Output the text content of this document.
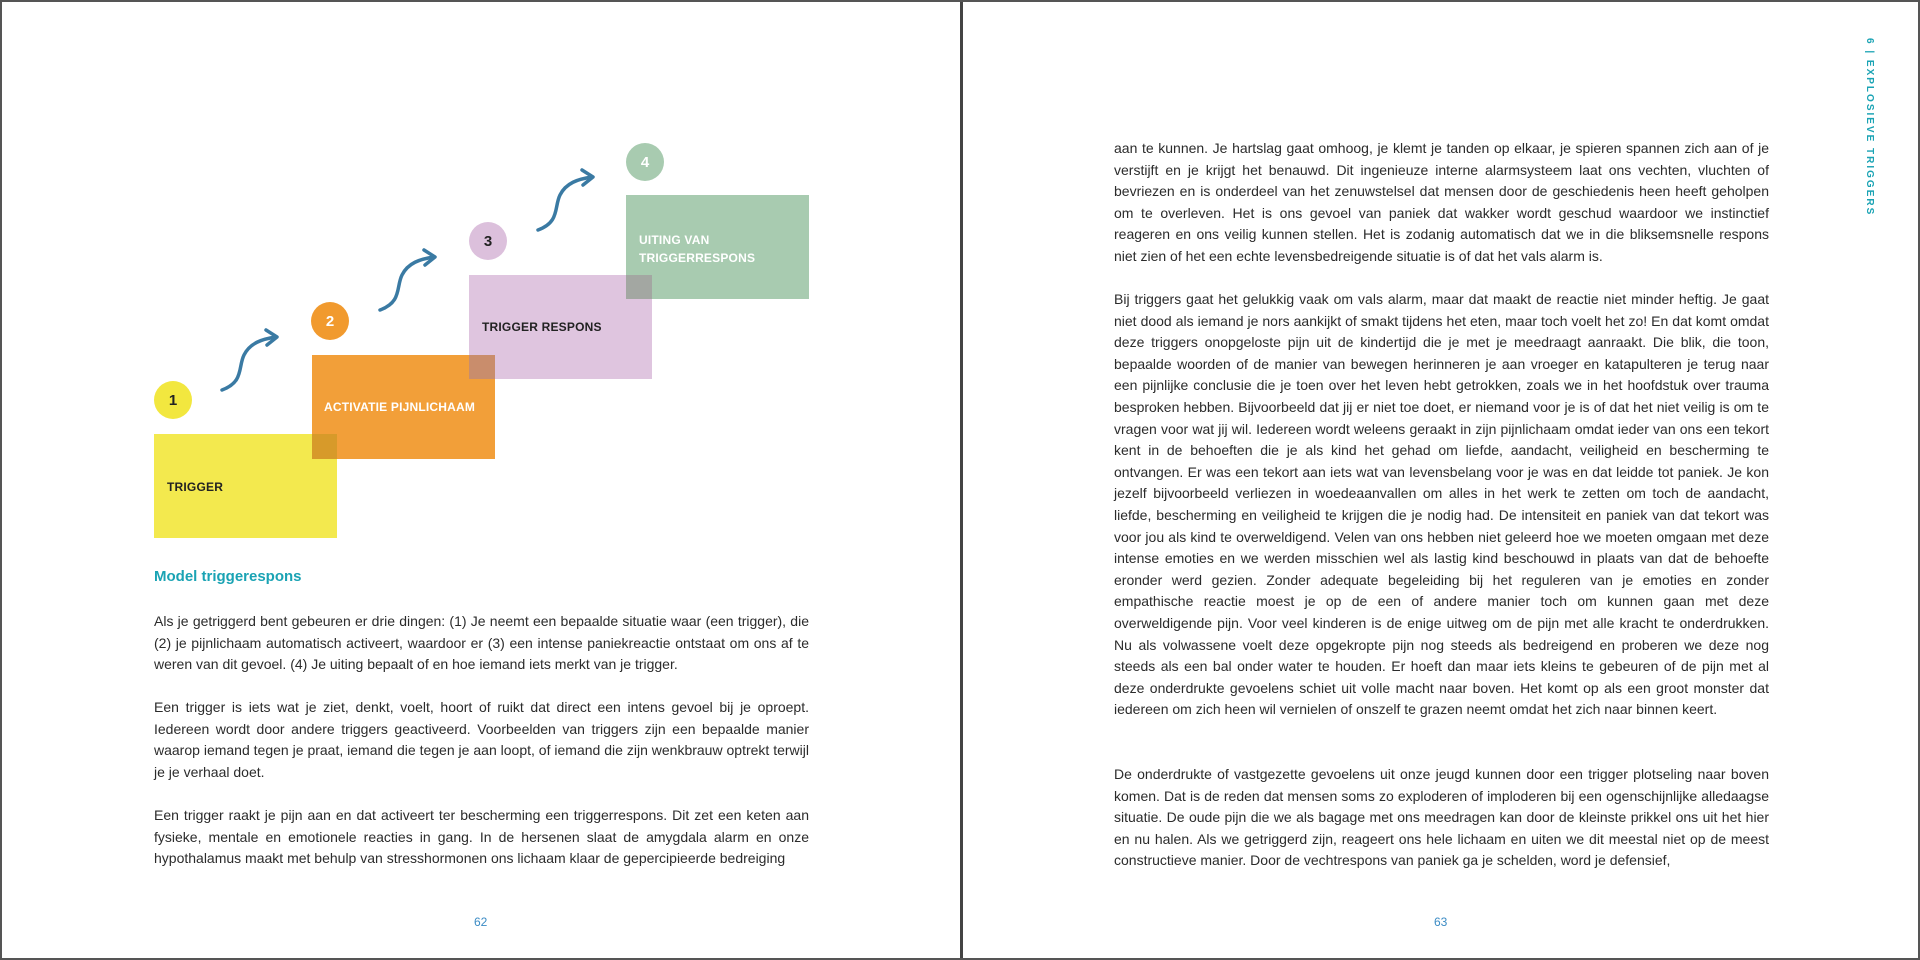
TRIGGER
ACTIVATIE PIJNLICHAAM
TRIGGER RESPONS
UITING VAN
TRIGGERRESPONS
1
2
3
4
Model triggerespons

Als je getriggerd bent gebeuren er drie dingen: (1) Je neemt een bepaalde situatie waar (een trigger), die (2) je pijnlichaam automatisch activeert, waardoor er (3) een intense paniekreactie ontstaat om ons af te weren van dit gevoel. (4) Je uiting bepaalt of en hoe iemand iets merkt van je trigger.

Een trigger is iets wat je ziet, denkt, voelt, hoort of ruikt dat direct een intens gevoel bij je oproept. Iedereen wordt door andere triggers geactiveerd. Voorbeelden van triggers zijn een bepaalde manier waarop iemand tegen je praat, iemand die tegen je aan loopt, of iemand die zijn wenkbrauw optrekt terwijl je je verhaal doet.

Een trigger raakt je pijn aan en dat activeert ter bescherming een triggerrespons. Dit zet een keten aan fysieke, mentale en emotionele reacties in gang. In de hersenen slaat de amygdala alarm en onze hypothalamus maakt met behulp van stresshormonen ons lichaam klaar de gepercipieerde bedreiging

62
6 | EXPLOSIEVE TRIGGERS

aan te kunnen. Je hartslag gaat omhoog, je klemt je tanden op elkaar, je spieren spannen zich aan of je verstijft en je krijgt het benauwd. Dit ingenieuze interne alarmsysteem laat ons vechten, vluchten of bevriezen en is onderdeel van het zenuwstelsel dat mensen door de geschiedenis heen heeft geholpen om te overleven. Het is ons gevoel van paniek dat wakker wordt geschud waardoor we instinctief reageren en ons veilig kunnen stellen. Het is zodanig automatisch dat we in die bliksemsnelle respons niet zien of het een echte levensbedreigende situatie is of dat het vals alarm is.

Bij triggers gaat het gelukkig vaak om vals alarm, maar dat maakt de reactie niet minder heftig. Je gaat niet dood als iemand je nors aankijkt of smakt tijdens het eten, maar toch voelt het zo! En dat komt omdat deze triggers onopgeloste pijn uit de kindertijd die je met je meedraagt aanraakt. Die blik, die toon, bepaalde woorden of de manier van bewegen herinneren je aan vroeger en katapulteren je terug naar een pijnlijke conclusie die je toen over het leven hebt getrokken, zoals we in het hoofdstuk over trauma besproken hebben. Bijvoorbeeld dat jij er niet toe doet, er niemand voor je is of dat het niet veilig is om te vragen voor wat jij wil. Iedereen wordt weleens geraakt in zijn pijnlichaam omdat ieder van ons een tekort kent in de behoeften die je als kind het gehad om liefde, aandacht, veiligheid en bescherming te ontvangen. Er was een tekort aan iets wat van levensbelang voor je was en dat leidde tot paniek. Je kon jezelf bijvoorbeeld verliezen in woedeaanvallen om alles in het werk te zetten om toch de aandacht, liefde, bescherming en veiligheid te krijgen die je nodig had. De intensiteit en paniek van dat tekort was voor jou als kind te overweldigend. Velen van ons hebben niet geleerd hoe we moeten omgaan met deze intense emoties en we werden misschien wel als lastig kind beschouwd in plaats van dat de behoefte eronder werd gezien. Zonder adequate begeleiding bij het reguleren van je emoties en zonder empathische reactie moest je op de een of andere manier toch om kunnen gaan met deze overweldigende pijn. Voor veel kinderen is de enige uitweg om de pijn met alle kracht te onderdrukken. Nu als volwassene voelt deze opgekropte pijn nog steeds als bedreigend en proberen we deze nog steeds als een bal onder water te houden. Er hoeft dan maar iets kleins te gebeuren of de pijn met al deze onderdrukte gevoelens schiet uit volle macht naar boven. Het komt op als een groot monster dat iedereen om zich heen wil vernielen of onszelf te grazen neemt omdat het zich naar binnen keert.

De onderdrukte of vastgezette gevoelens uit onze jeugd kunnen door een trigger plotseling naar boven komen. Dat is de reden dat mensen soms zo exploderen of imploderen bij een ogenschijnlijke alledaagse situatie. De oude pijn die we als bagage met ons meedragen kan door de kleinste prikkel ons uit het hier en nu halen. Als we getriggerd zijn, reageert ons hele lichaam en uiten we dit meestal niet op de meest constructieve manier. Door de vechtrespons van paniek ga je schelden, word je defensief,

63
